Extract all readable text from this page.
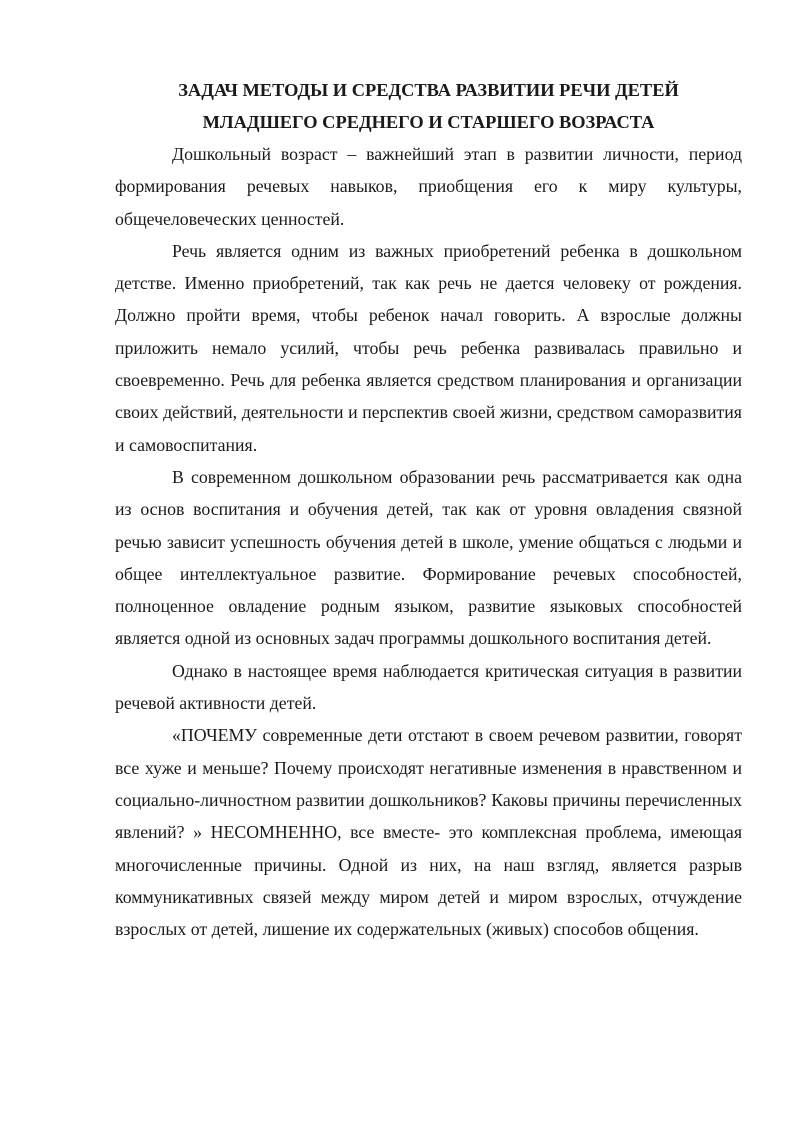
ЗАДАЧ МЕТОДЫ И СРЕДСТВА РАЗВИТИИ РЕЧИ ДЕТЕЙ

МЛАДШЕГО СРЕДНЕГО И СТАРШЕГО ВОЗРАСТА

Дошкольный возраст – важнейший этап в развитии личности, период формирования речевых навыков, приобщения его к миру культуры, общечеловеческих ценностей.

Речь является одним из важных приобретений ребенка в дошкольном детстве. Именно приобретений, так как речь не дается человеку от рождения. Должно пройти время, чтобы ребенок начал говорить. А взрослые должны приложить немало усилий, чтобы речь ребенка развивалась правильно и своевременно. Речь для ребенка является средством планирования и организации своих действий, деятельности и перспектив своей жизни, средством саморазвития и самовоспитания.

В современном дошкольном образовании речь рассматривается как одна из основ воспитания и обучения детей, так как от уровня овладения связной речью зависит успешность обучения детей в школе, умение общаться с людьми и общее интеллектуальное развитие. Формирование речевых способностей, полноценное овладение родным языком, развитие языковых способностей является одной из основных задач программы дошкольного воспитания детей.

Однако в настоящее время наблюдается критическая ситуация в развитии речевой активности детей.

«ПОЧЕМУ современные дети отстают в своем речевом развитии, говорят все хуже и меньше? Почему происходят негативные изменения в нравственном и социально-личностном развитии дошкольников? Каковы причины перечисленных явлений? » НЕСОМНЕННО, все вместе- это комплексная проблема, имеющая многочисленные причины. Одной из них, на наш взгляд, является разрыв коммуникативных связей между миром детей и миром взрослых, отчуждение взрослых от детей, лишение их содержательных (живых) способов общения.
